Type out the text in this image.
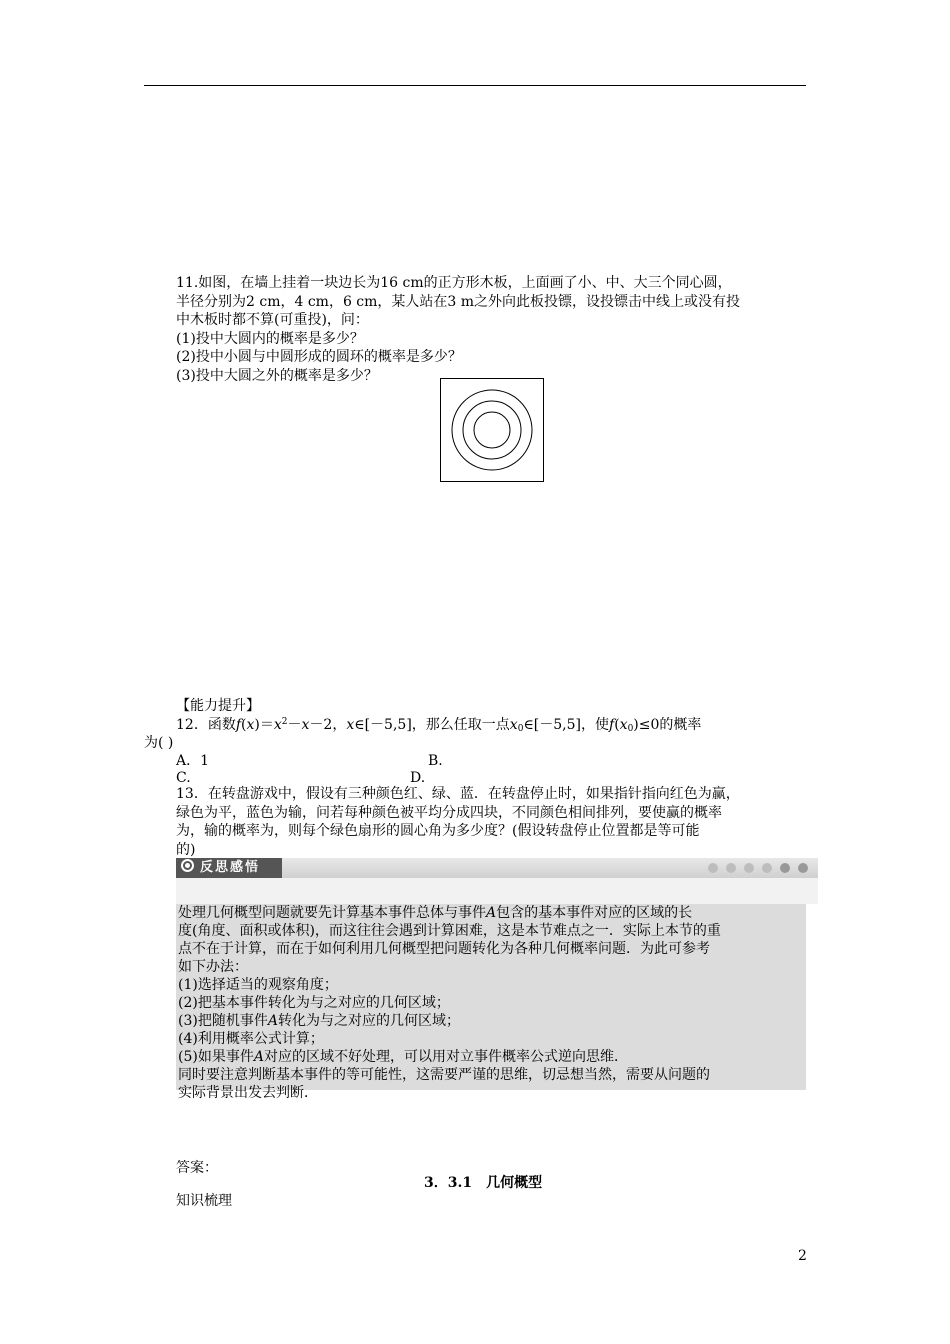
11.如图，在墙上挂着一块边长为16 cm的正方形木板，上面画了小、中、大三个同心圆，
半径分别为2 cm，4 cm，6 cm，某人站在3 m之外向此板投镖，设投镖击中线上或没有投
中木板时都不算(可重投)，问：
(1)投中大圆内的概率是多少？
(2)投中小圆与中圆形成的圆环的概率是多少？
(3)投中大圆之外的概率是多少？
【能力提升】
12．函数$f(x)=x^2-x-2$，x∈[－5,5]，那么任取一点$x_0\in[-5,5]$，使$f(x_0)\le 0$的概率
为( )
A．1	B.
C.	D.
13．在转盘游戏中，假设有三种颜色红、绿、蓝．在转盘停止时，如果指针指向红色为赢，
绿色为平，蓝色为输，问若每种颜色被平均分成四块，不同颜色相间排列，要使赢的概率
为，输的概率为，则每个绿色扇形的圆心角为多少度？(假设转盘停止位置都是等可能
的)
反思感悟
处理几何概型问题就要先计算基本事件总体与事件A包含的基本事件对应的区域的长
度(角度、面积或体积)，而这往往会遇到计算困难，这是本节难点之一．实际上本节的重
点不在于计算，而在于如何利用几何概型把问题转化为各种几何概率问题．为此可参考
如下办法：
(1)选择适当的观察角度；
(2)把基本事件转化为与之对应的几何区域；
(3)把随机事件A转化为与之对应的几何区域；
(4)利用概率公式计算；
(5)如果事件A对应的区域不好处理，可以用对立事件概率公式逆向思维．
同时要注意判断基本事件的等可能性，这需要严谨的思维，切忌想当然，需要从问题的
实际背景出发去判断．
答案：
3．3.1　几何概型
知识梳理
2
